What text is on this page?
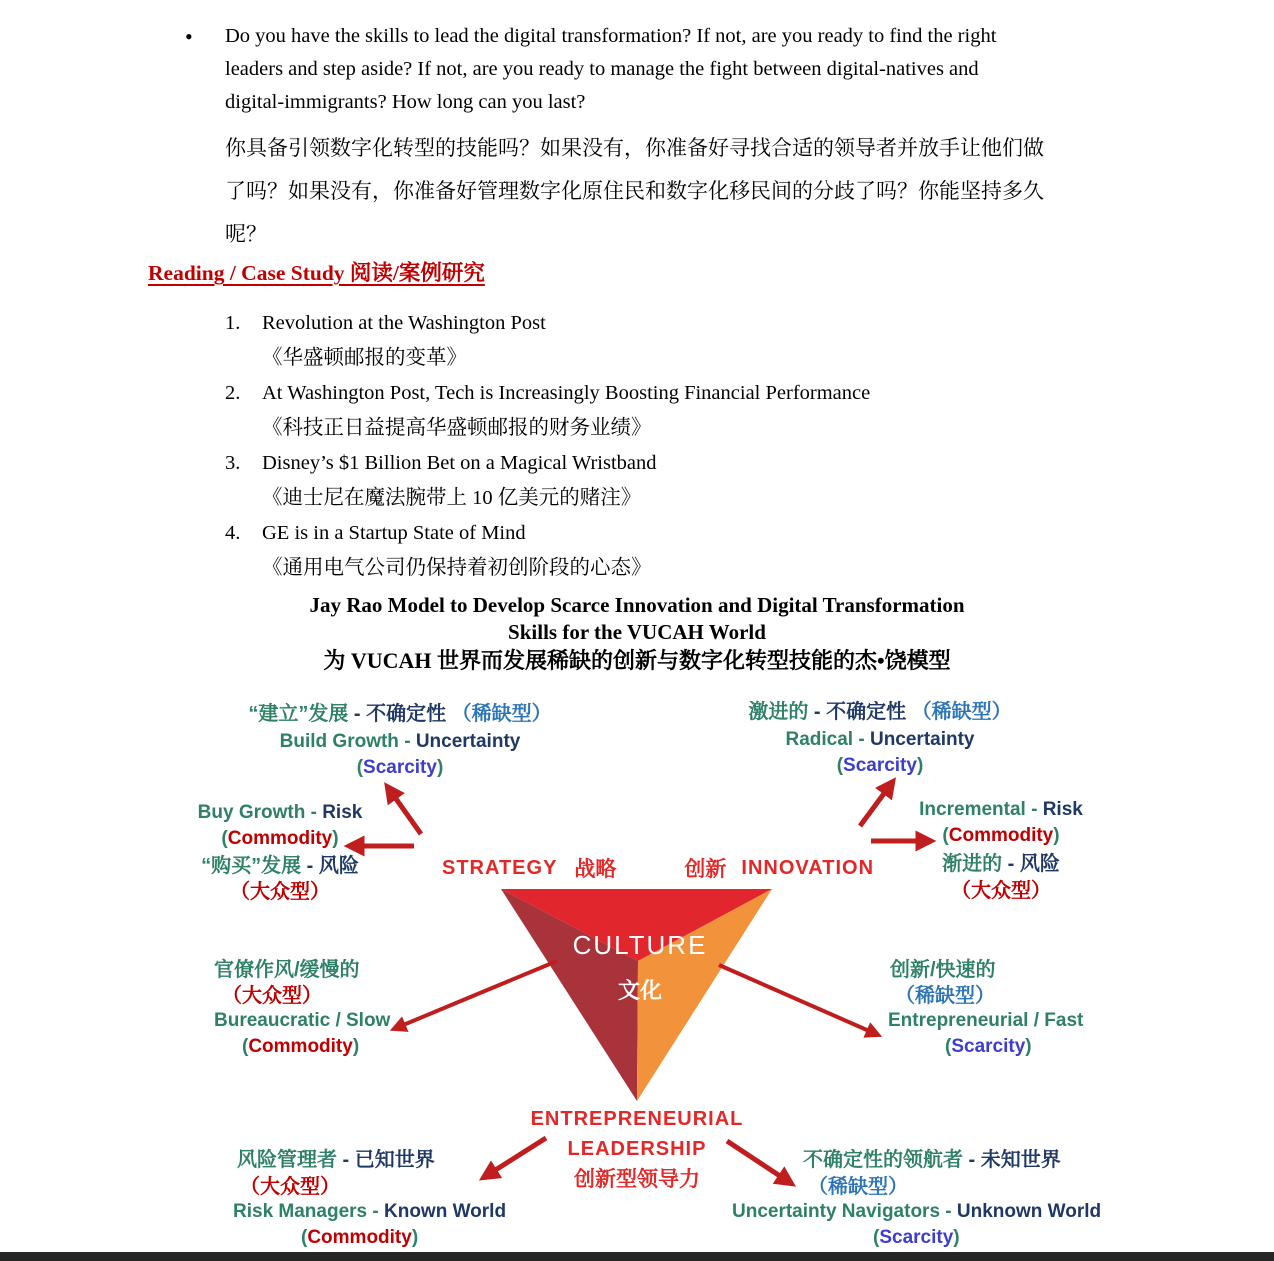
• Do you have the skills to lead the digital transformation? If not, are you ready to find the right
leaders and step aside? If not, are you ready to manage the fight between digital-natives and
digital-immigrants? How long can you last?
你具备引领数字化转型的技能吗？如果没有，你准备好寻找合适的领导者并放手让他们做
了吗？如果没有，你准备好管理数字化原住民和数字化移民间的分歧了吗？你能坚持多久
呢？
Reading / Case Study 阅读/案例研究
1.	Revolution at the Washington Post
《华盛顿邮报的变革》
2.	At Washington Post, Tech is Increasingly Boosting Financial Performance
《科技正日益提高华盛顿邮报的财务业绩》
3.	Disney’s $1 Billion Bet on a Magical Wristband
《迪士尼在魔法腕带上 10 亿美元的赌注》
4.	GE is in a Startup State of Mind
《通用电气公司仍保持着初创阶段的心态》
Jay Rao Model to Develop Scarce Innovation and Digital Transformation
Skills for the VUCAH World
为 VUCAH 世界而发展稀缺的创新与数字化转型技能的杰•饶模型
STRATEGY 战略	创新 INNOVATION
CULTURE
文化
ENTREPRENEURIAL
LEADERSHIP
创新型领导力
“建立”发展 - 不确定性 （稀缺型）
Build Growth - Uncertainty
(Scarcity)
激进的 - 不确定性 （稀缺型）
Radical - Uncertainty
(Scarcity)
Buy Growth - Risk
(Commodity)
“购买”发展 - 风险
（大众型）
Incremental - Risk
(Commodity)
渐进的 - 风险
（大众型）
官僚作风/缓慢的
（大众型）
Bureaucratic / Slow
(Commodity)
创新/快速的
（稀缺型）
Entrepreneurial / Fast
(Scarcity)
风险管理者 - 已知世界
（大众型）
Risk Managers - Known World
(Commodity)
不确定性的领航者 - 未知世界
（稀缺型）
Uncertainty Navigators - Unknown World
(Scarcity)
